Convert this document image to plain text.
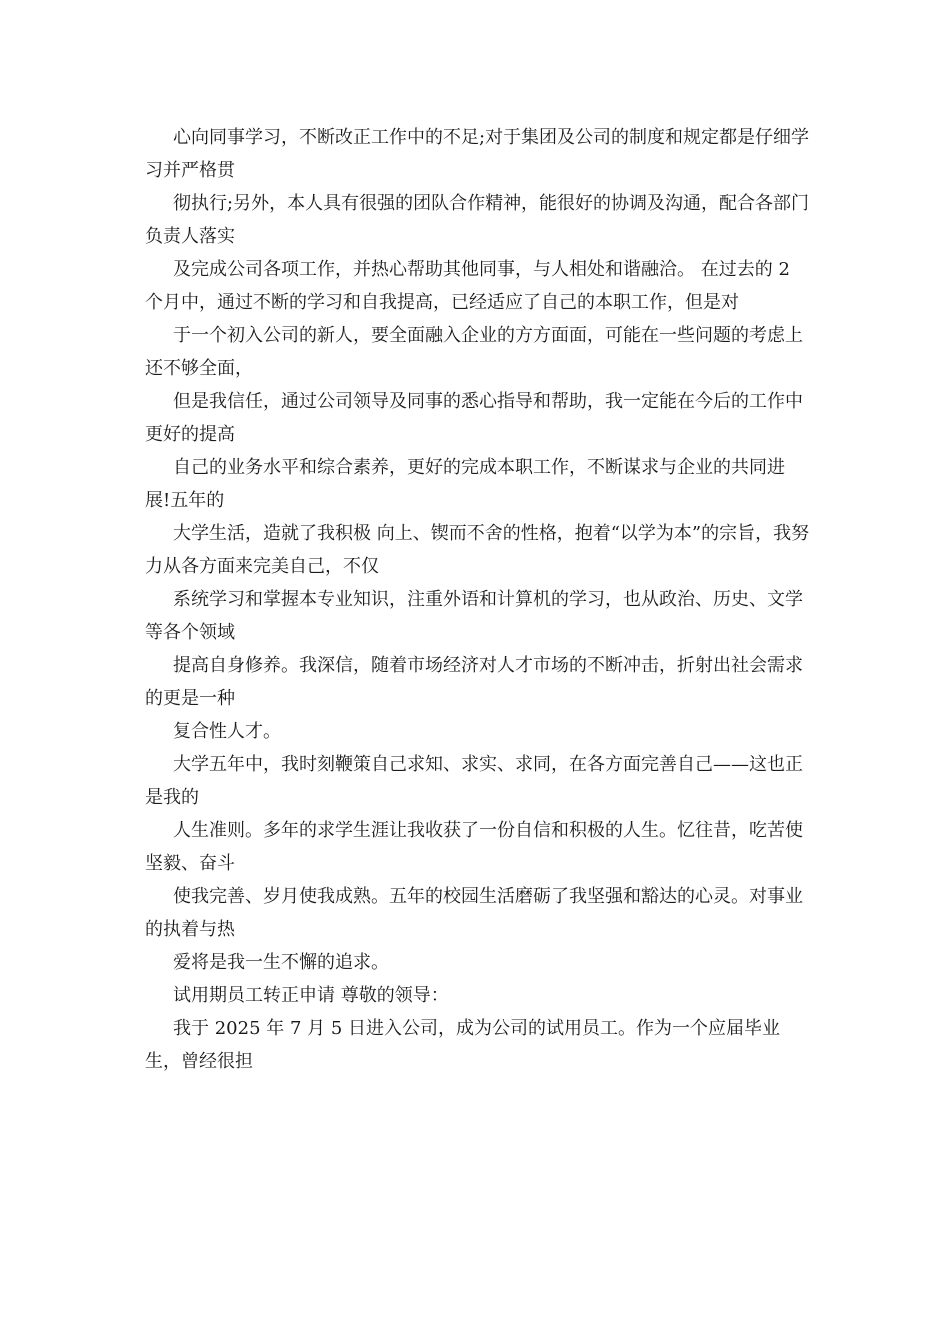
心向同事学习，不断改正工作中的不足;对于集团及公司的制度和规定都是仔细学习并严格贯

彻执行;另外，本人具有很强的团队合作精神，能很好的协调及沟通，配合各部门负责人落实

及完成公司各项工作，并热心帮助其他同事，与人相处和谐融洽。 在过去的 2 个月中，通过不断的学习和自我提高，已经适应了自己的本职工作，但是对

于一个初入公司的新人，要全面融入企业的方方面面，可能在一些问题的考虑上还不够全面，

但是我信任，通过公司领导及同事的悉心指导和帮助，我一定能在今后的工作中更好的提高

自己的业务水平和综合素养，更好的完成本职工作，不断谋求与企业的共同进展!五年的

大学生活，造就了我积极 向上、锲而不舍的性格，抱着“以学为本”的宗旨，我努力从各方面来完美自己，不仅

系统学习和掌握本专业知识，注重外语和计算机的学习，也从政治、历史、文学等各个领域

提高自身修养。我深信，随着市场经济对人才市场的不断冲击，折射出社会需求的更是一种

复合性人才。

大学五年中，我时刻鞭策自己求知、求实、求同，在各方面完善自己——这也正是我的

人生准则。多年的求学生涯让我收获了一份自信和积极的人生。忆往昔，吃苦使坚毅、奋斗

使我完善、岁月使我成熟。五年的校园生活磨砺了我坚强和豁达的心灵。对事业的执着与热

爱将是我一生不懈的追求。

试用期员工转正申请 尊敬的领导：

我于 2025 年 7 月 5 日进入公司，成为公司的试用员工。作为一个应届毕业生，曾经很担
